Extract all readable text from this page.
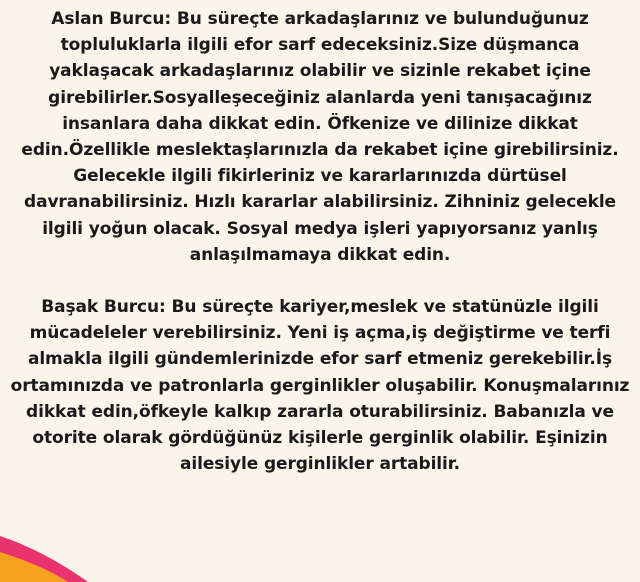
Aslan Burcu: Bu süreçte arkadaşlarınız ve bulunduğunuz
topluluklarla ilgili efor sarf edeceksiniz.Size düşmanca
yaklaşacak arkadaşlarınız olabilir ve sizinle rekabet içine
girebilirler.Sosyalleşeceğiniz alanlarda yeni tanışacağınız
insanlara daha dikkat edin. Öfkenize ve dilinize dikkat
edin.Özellikle meslektaşlarınızla da rekabet içine girebilirsiniz.
Gelecekle ilgili fikirleriniz ve kararlarınızda dürtüsel
davranabilirsiniz. Hızlı kararlar alabilirsiniz. Zihniniz gelecekle
ilgili yoğun olacak. Sosyal medya işleri yapıyorsanız yanlış
anlaşılmamaya dikkat edin.
Başak Burcu: Bu süreçte kariyer,meslek ve statünüzle ilgili
mücadeleler verebilirsiniz. Yeni iş açma,iş değiştirme ve terfi
almakla ilgili gündemlerinizde efor sarf etmeniz gerekebilir.İş
ortamınızda ve patronlarla gerginlikler oluşabilir. Konuşmalarınız
dikkat edin,öfkeyle kalkıp zararla oturabilirsiniz. Babanızla ve
otorite olarak gördüğünüz kişilerle gerginlik olabilir. Eşinizin
ailesiyle gerginlikler artabilir.
